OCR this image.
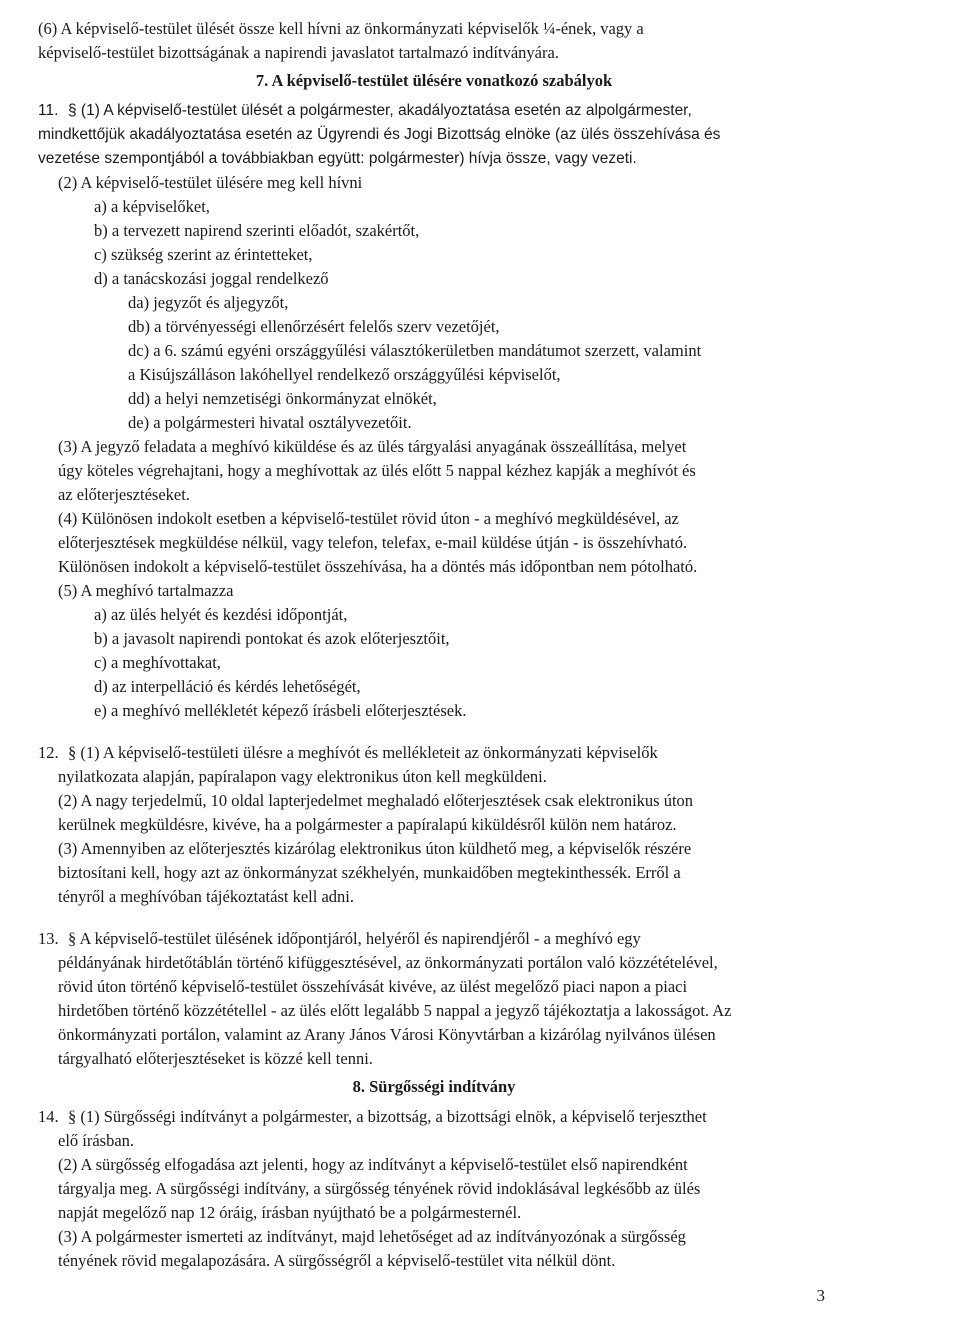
(6) A képviselő-testület ülését össze kell hívni az önkormányzati képviselők ¼-ének, vagy a

képviselő-testület bizottságának a napirendi javaslatot tartalmazó indítványára.

7. A képviselő-testület ülésére vonatkozó szabályok

11. § (1) A képviselő-testület ülését a polgármester, akadályoztatása esetén az alpolgármester,

mindkettőjük akadályoztatása esetén az Ügyrendi és Jogi Bizottság elnöke (az ülés összehívása és

vezetése szempontjából a továbbiakban együtt: polgármester) hívja össze, vagy vezeti.

(2) A képviselő-testület ülésére meg kell hívni

a) a képviselőket,

b) a tervezett napirend szerinti előadót, szakértőt,

c) szükség szerint az érintetteket,

d) a tanácskozási joggal rendelkező

da) jegyzőt és aljegyzőt,

db) a törvényességi ellenőrzésért felelős szerv vezetőjét,

dc) a 6. számú egyéni országgyűlési választókerületben mandátumot szerzett, valamint

a Kisújszálláson lakóhellyel rendelkező országgyűlési képviselőt,

dd) a helyi nemzetiségi önkormányzat elnökét,

de) a polgármesteri hivatal osztályvezetőit.

(3) A jegyző feladata a meghívó kiküldése és az ülés tárgyalási anyagának összeállítása, melyet

úgy köteles végrehajtani, hogy a meghívottak az ülés előtt 5 nappal kézhez kapják a meghívót és

az előterjesztéseket.

(4) Különösen indokolt esetben a képviselő-testület rövid úton - a meghívó megküldésével, az

előterjesztések megküldése nélkül, vagy telefon, telefax, e-mail küldése útján - is összehívható.

Különösen indokolt a képviselő-testület összehívása, ha a döntés más időpontban nem pótolható.

(5) A meghívó tartalmazza

a) az ülés helyét és kezdési időpontját,

b) a javasolt napirendi pontokat és azok előterjesztőit,

c) a meghívottakat,

d) az interpelláció és kérdés lehetőségét,

e) a meghívó mellékletét képező írásbeli előterjesztések.

12. § (1) A képviselő-testületi ülésre a meghívót és mellékleteit az önkormányzati képviselők

nyilatkozata alapján, papíralapon vagy elektronikus úton kell megküldeni.

(2) A nagy terjedelmű, 10 oldal lapterjedelmet meghaladó előterjesztések csak elektronikus úton

kerülnek megküldésre, kivéve, ha a polgármester a papíralapú kiküldésről külön nem határoz.

(3) Amennyiben az előterjesztés kizárólag elektronikus úton küldhető meg, a képviselők részére

biztosítani kell, hogy azt az önkormányzat székhelyén, munkaidőben megtekinthessék. Erről a

tényről a meghívóban tájékoztatást kell adni.

13. § A képviselő-testület ülésének időpontjáról, helyéről és napirendjéről - a meghívó egy

példányának hirdetőtáblán történő kifüggesztésével, az önkormányzati portálon való közzétételével,

rövid úton történő képviselő-testület összehívását kivéve, az ülést megelőző piaci napon a piaci

hirdetőben történő közzététellel - az ülés előtt legalább 5 nappal a jegyző tájékoztatja a lakosságot. Az

önkormányzati portálon, valamint az Arany János Városi Könyvtárban a kizárólag nyilvános ülésen

tárgyalható előterjesztéseket is közzé kell tenni.

8. Sürgősségi indítvány

14. § (1) Sürgősségi indítványt a polgármester, a bizottság, a bizottsági elnök, a képviselő terjeszthet

elő írásban.

(2) A sürgősség elfogadása azt jelenti, hogy az indítványt a képviselő-testület első napirendként

tárgyalja meg. A sürgősségi indítvány, a sürgősség tényének rövid indoklásával legkésőbb az ülés

napját megelőző nap 12 óráig, írásban nyújtható be a polgármesternél.

(3) A polgármester ismerteti az indítványt, majd lehetőséget ad az indítványozónak a sürgősség

tényének rövid megalapozására. A sürgősségről a képviselő-testület vita nélkül dönt.

3
